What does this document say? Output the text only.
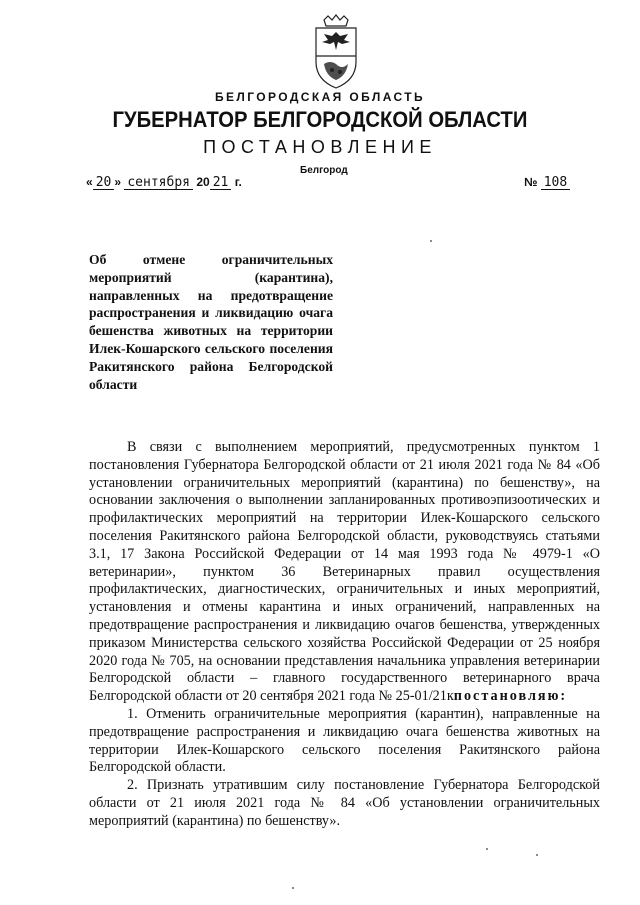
БЕЛГОРОДСКАЯ ОБЛАСТЬ
ГУБЕРНАТОР БЕЛГОРОДСКОЙ ОБЛАСТИ
ПОСТАНОВЛЕНИЕ
Белгород
« 20 » сентября 20 21 г.	№ 108
Об отмене ограничительных мероприятий (карантина), направленных на предотвращение распространения и ликвидацию очага бешенства животных на территории Илек-Кошарского сельского поселения Ракитянского района Белгородской области

В связи с выполнением мероприятий, предусмотренных пунктом 1 постановления Губернатора Белгородской области от 21 июля 2021 года № 84 «Об установлении ограничительных мероприятий (карантина) по бешенству», на основании заключения о выполнении запланированных противоэпизоотических и профилактических мероприятий на территории Илек-Кошарского сельского поселения Ракитянского района Белгородской области, руководствуясь статьями 3.1, 17 Закона Российской Федерации от 14 мая 1993 года № 4979-1 «О ветеринарии», пунктом 36 Ветеринарных правил осуществления профилактических, диагностических, ограничительных и иных мероприятий, установления и отмены карантина и иных ограничений, направленных на предотвращение распространения и ликвидацию очагов бешенства, утвержденных приказом Министерства сельского хозяйства Российской Федерации от 25 ноября 2020 года № 705, на основании представления начальника управления ветеринарии Белгородской области – главного государственного ветеринарного врача Белгородской области от 20 сентября 2021 года № 25-01/21кпостановляю:

1. Отменить ограничительные мероприятия (карантин), направленные на предотвращение распространения и ликвидацию очага бешенства животных на территории Илек-Кошарского сельского поселения Ракитянского района Белгородской области.

2. Признать утратившим силу постановление Губернатора Белгородской области от 21 июля 2021 года № 84 «Об установлении ограничительных мероприятий (карантина) по бешенству».
